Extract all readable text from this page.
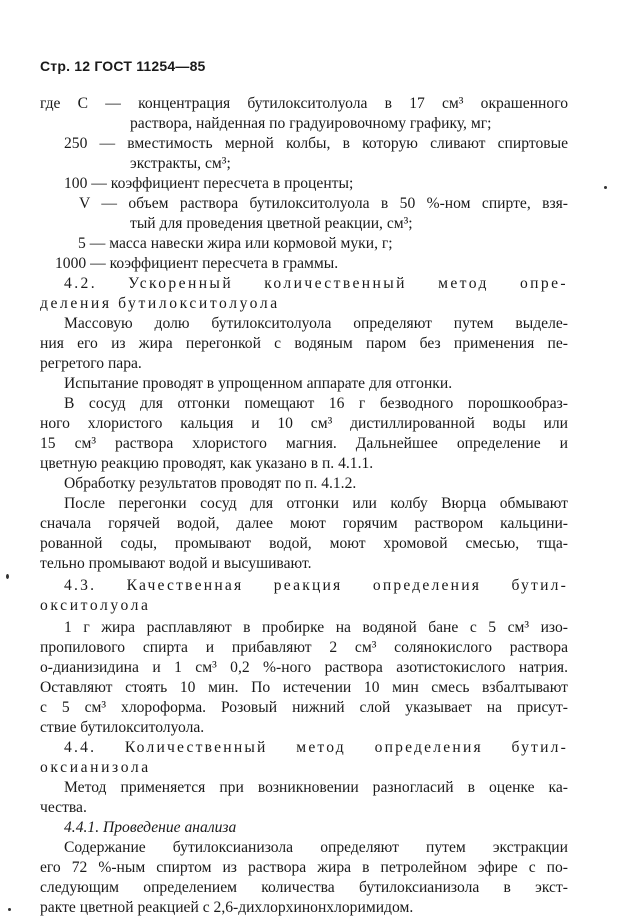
Стр. 12 ГОСТ 11254—85
где С — концентрация бутилокситолуола в 17 см³ окрашенного
раствора, найденная по градуировочному графику, мг;
250 — вместимость мерной колбы, в которую сливают спиртовые
экстракты, см³;
100 — коэффициент пересчета в проценты;
V — объем раствора бутилокситолуола в 50 %-ном спирте, взя-
тый для проведения цветной реакции, см³;
5 — масса навески жира или кормовой муки, г;
1000 — коэффициент пересчета в граммы.
4.2. Ускоренный количественный метод опре-
деления бутилокситолуола
Массовую долю бутилокситолуола определяют путем выделе-
ния его из жира перегонкой с водяным паром без применения пе-
регретого пара.
Испытание проводят в упрощенном аппарате для отгонки.
В сосуд для отгонки помещают 16 г безводного порошкообраз-
ного хлористого кальция и 10 см³ дистиллированной воды или
15 см³ раствора хлористого магния. Дальнейшее определение и
цветную реакцию проводят, как указано в п. 4.1.1.
Обработку результатов проводят по п. 4.1.2.
После перегонки сосуд для отгонки или колбу Вюрца обмывают
сначала горячей водой, далее моют горячим раствором кальцини-
рованной соды, промывают водой, моют хромовой смесью, тща-
тельно промывают водой и высушивают.
4.3. Качественная реакция определения бутил-
окситолуола
1 г жира расплавляют в пробирке на водяной бане с 5 см³ изо-
пропилового спирта и прибавляют 2 см³ солянокислого раствора
о-дианизидина и 1 см³ 0,2 %-ного раствора азотистокислого натрия.
Оставляют стоять 10 мин. По истечении 10 мин смесь взбалтывают
с 5 см³ хлороформа. Розовый нижний слой указывает на присут-
ствие бутилокситолуола.
4.4. Количественный метод определения бутил-
оксианизола
Метод применяется при возникновении разногласий в оценке ка-
чества.
4.4.1. Проведение анализа
Содержание бутилоксианизола определяют путем экстракции
его 72 %-ным спиртом из раствора жира в петролейном эфире с по-
следующим определением количества бутилоксианизола в экст-
ракте цветной реакцией с 2,6-дихлорхинонхлоримидом.
